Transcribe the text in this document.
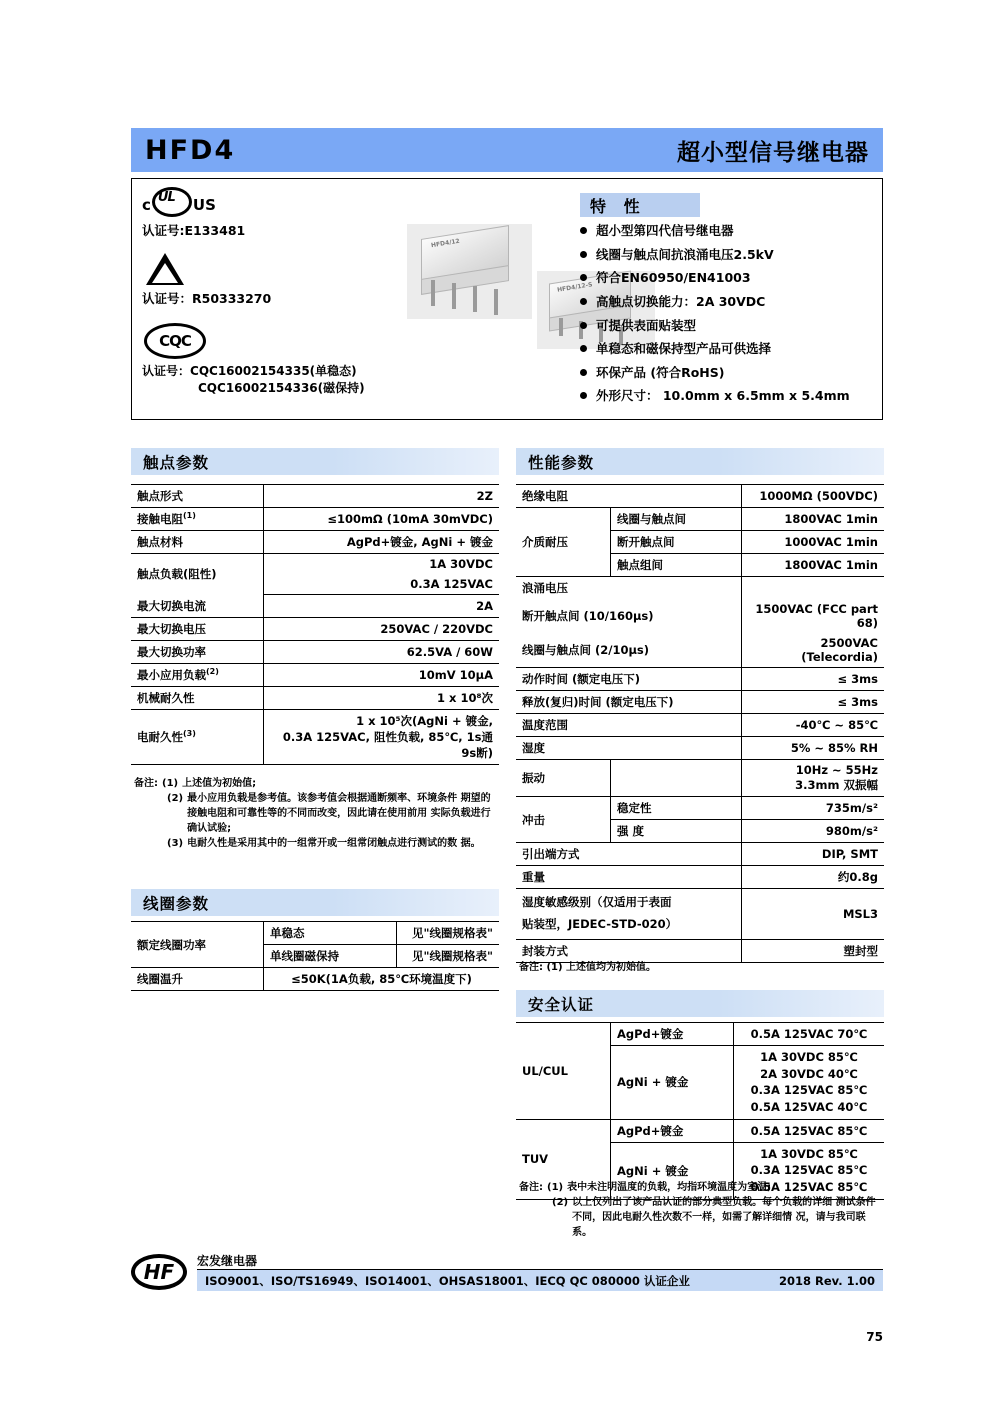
HFD4	超小型信号继电器
c UL	US
认证号:E133481
认证号：R50333270
CQC
认证号：CQC16002154335(单稳态)
CQC16002154336(磁保持)
HFD4/12
HFD4/12-S
特 性
超小型第四代信号继电器
线圈与触点间抗浪涌电压2.5kV
符合EN60950/EN41003
高触点切换能力：2A 30VDC
可提供表面贴装型
单稳态和磁保持型产品可供选择
环保产品 (符合RoHS)
外形尺寸： 10.0mm x 6.5mm x 5.4mm
触点参数
触点形式	2Z
接触电阻$^{(1)}$	≤100mΩ (10mA 30mVDC)
触点材料	AgPd+镀金, AgNi + 镀金
触点负载(阻性)	1A 30VDC
	0.3A 125VAC
最大切换电流	2A
最大切换电压	250VAC / 220VDC
最大切换功率	62.5VA / 60W
最小应用负载$^{(2)}$	10mV 10μA
机械耐久性	1 x 10⁸次
电耐久性$^{(3)}$	1 x 10⁵次(AgNi + 镀金,
0.3A 125VAC, 阻性负载, 85℃, 1s通9s断)
备注: (1) 上述值为初始值;
(2) 最小应用负载是参考值。该参考值会根据通断频率、环境条件 期望的接触电阻和可靠性等的不同而改变，因此请在使用前用 实际负载进行确认试验;
(3) 电耐久性是采用其中的一组常开或一组常闭触点进行测试的数 据。
线圈参数
额定线圈功率	单稳态	见"线圈规格表"
	单线圈磁保持	见"线圈规格表"
线圈温升	≤50K(1A负载, 85℃环境温度下)	
性能参数
绝缘电阻		1000MΩ (500VDC)
介质耐压	线圈与触点间	1800VAC 1min
	断开触点间	1000VAC 1min
	触点组间	1800VAC 1min
浪涌电压		
断开触点间 (10/160μs)		1500VAC (FCC part 68)
线圈与触点间 (2/10μs)		2500VAC (Telecordia)
动作时间 (额定电压下)		≤ 3ms
释放(复归)时间 (额定电压下)		≤ 3ms
温度范围		-40℃ ~ 85℃
湿度		5% ~ 85% RH
振动		10Hz ~ 55Hz 3.3mm 双振幅
冲击	稳定性	735m/s²
	强 度	980m/s²
引出端方式		DIP, SMT
重量		约0.8g

湿度敏感级别（仅适用于表面
贴装型，JEDEC-STD-020）		MSL3
封装方式		塑封型
备注: (1) 上述值均为初始值。
安全认证
UL/CUL	AgPd+镀金	0.5A 125VAC 70℃
	AgNi + 镀金	1A 30VDC 85℃
2A 30VDC 40℃
0.3A 125VAC 85℃
0.5A 125VAC 40℃

TUV	AgPd+镀金	0.5A 125VAC 85℃
	AgNi + 镀金	1A 30VDC 85℃
0.3A 125VAC 85℃
0.5A 125VAC 85℃
备注: (1) 表中未注明温度的负载，均指环境温度为室温;
(2) 以上仅列出了该产品认证的部分典型负载。每个负载的详细 测试条件不同，因此电耐久性次数不一样，如需了解详细情 况，请与我司联系。
HF	宏发继电器
ISO9001、ISO/TS16949、ISO14001、OHSAS18001、IECQ QC 080000 认证企业	2018 Rev. 1.00
75
